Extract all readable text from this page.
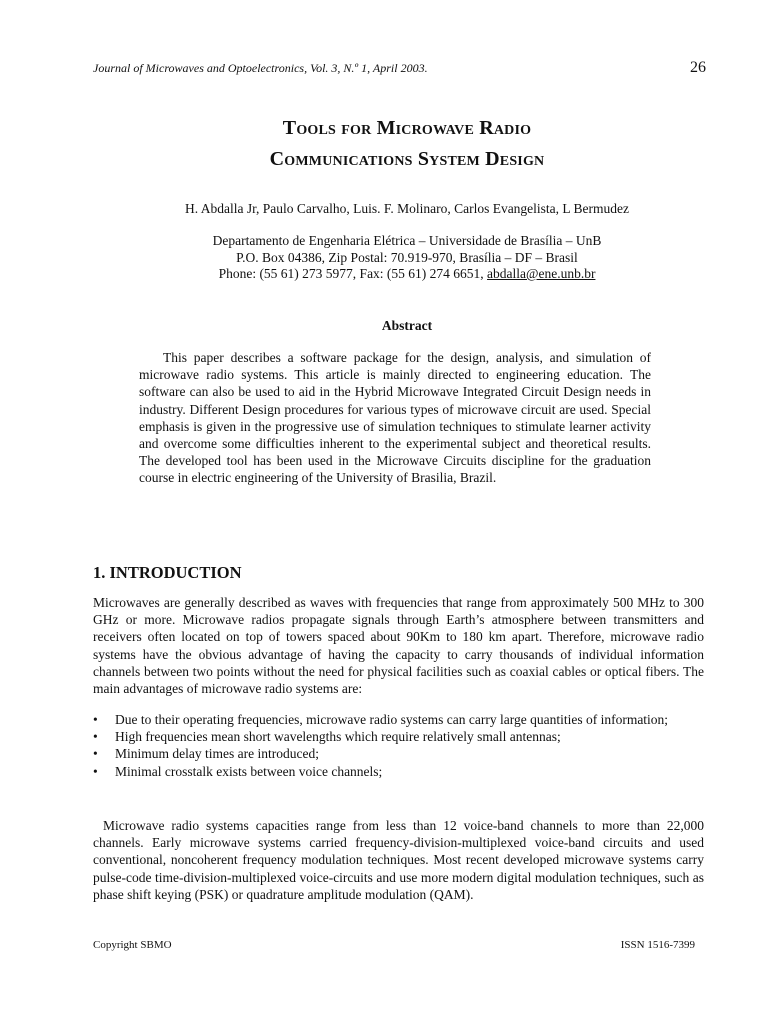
Journal of Microwaves and Optoelectronics, Vol. 3, N.º 1, April 2003.	26
Tools for Microwave Radio
Communications System Design
H. Abdalla Jr, Paulo Carvalho, Luis. F. Molinaro, Carlos Evangelista, L Bermudez
Departamento de Engenharia Elétrica – Universidade de Brasília – UnB
P.O. Box 04386, Zip Postal: 70.919-970, Brasília – DF – Brasil
Phone: (55 61) 273 5977, Fax: (55 61) 274 6651, abdalla@ene.unb.br
Abstract

This paper describes a software package for the design, analysis, and simulation of microwave radio systems. This article is mainly directed to engineering education. The software can also be used to aid in the Hybrid Microwave Integrated Circuit Design needs in industry. Different Design procedures for various types of microwave circuit are used. Special emphasis is given in the progressive use of simulation techniques to stimulate learner activity and overcome some difficulties inherent to the experimental subject and theoretical results. The developed tool has been used in the Microwave Circuits discipline for the graduation course in electric engineering of the University of Brasilia, Brazil.

1. INTRODUCTION

Microwaves are generally described as waves with frequencies that range from approximately 500 MHz to 300 GHz or more. Microwave radios propagate signals through Earth’s atmosphere between transmitters and receivers often located on top of towers spaced about 90Km to 180 km apart. Therefore, microwave radio systems have the obvious advantage of having the capacity to carry thousands of individual information channels between two points without the need for physical facilities such as coaxial cables or optical fibers. The main advantages of microwave radio systems are:

• Due to their operating frequencies, microwave radio systems can carry large quantities of information;
• High frequencies mean short wavelengths which require relatively small antennas;
• Minimum delay times are introduced;
• Minimal crosstalk exists between voice channels;

Microwave radio systems capacities range from less than 12 voice-band channels to more than 22,000 channels. Early microwave systems carried frequency-division-multiplexed voice-band circuits and used conventional, noncoherent frequency modulation techniques. Most recent developed microwave systems carry pulse-code time-division-multiplexed voice-circuits and use more modern digital modulation techniques, such as phase shift keying (PSK) or quadrature amplitude modulation (QAM).

Copyright SBMO	ISSN 1516-7399
